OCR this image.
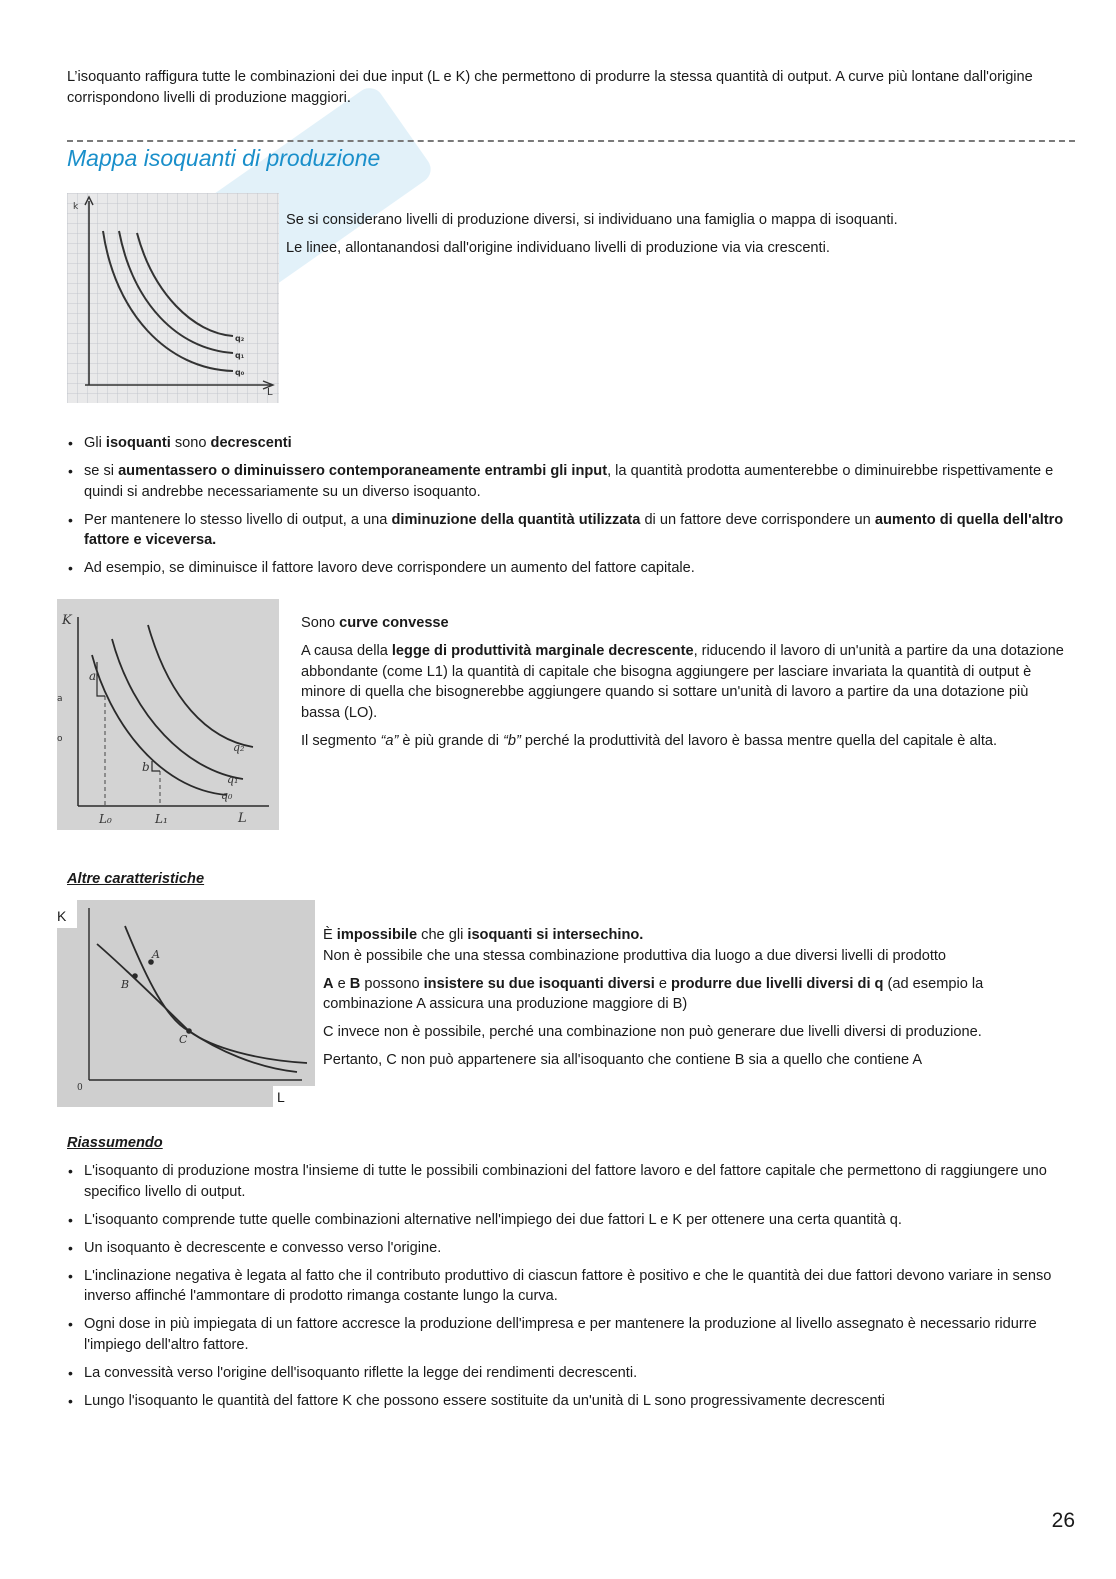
L’isoquanto raffigura tutte le combinazioni dei due input (L e K) che permettono di produrre la stessa quantità di output. A curve più lontane dall'origine corrispondono livelli di produzione maggiori.

Mappa isoquanti di produzione
k
L
q₂
q₁
q₀

Se si considerano livelli di produzione diversi, si individuano una famiglia o mappa di isoquanti.

Le linee, allontanandosi dall'origine individuano livelli di produzione via via crescenti.

• Gli isoquanti sono decrescenti
• se si aumentassero o diminuissero contemporaneamente entrambi gli input, la quantità prodotta aumenterebbe o diminuirebbe rispettivamente e quindi si andrebbe necessariamente su un diverso isoquanto.
• Per mantenere lo stesso livello di output, a una diminuzione della quantità utilizzata di un fattore deve corrispondere un aumento di quella dell'altro fattore e viceversa.
• Ad esempio, se diminuisce il fattore lavoro deve corrispondere un aumento del fattore capitale.
K
L
a
b
L₀	L₁
q₀
q₁
q₂
a
o

Sono curve convesse

A causa della legge di produttività marginale decrescente, riducendo il lavoro di un'unità a partire da una dotazione abbondante (come L1) la quantità di capitale che bisogna aggiungere per lasciare invariata la quantità di output è minore di quella che bisognerebbe aggiungere quando si sottare un'unità di lavoro a partire da una dotazione più bassa (LO).

Il segmento “a” è più grande di “b” perché la produttività del lavoro è bassa mentre quella del capitale è alta.

Altre caratteristiche
K
L
A
B
C
0

È impossibile che gli isoquanti si intersechino.

Non è possibile che una stessa combinazione produttiva dia luogo a due diversi livelli di prodotto

A e B possono insistere su due isoquanti diversi e produrre due livelli diversi di q (ad esempio la combinazione A assicura una produzione maggiore di B)

C invece non è possibile, perché una combinazione non può generare due livelli diversi di produzione.

Pertanto, C non può appartenere sia all'isoquanto che contiene B sia a quello che contiene A

Riassumendo
• L'isoquanto di produzione mostra l'insieme di tutte le possibili combinazioni del fattore lavoro e del fattore capitale che permettono di raggiungere uno specifico livello di output.
• L'isoquanto comprende tutte quelle combinazioni alternative nell'impiego dei due fattori L e K per ottenere una certa quantità q.
• Un isoquanto è decrescente e convesso verso l'origine.
• L'inclinazione negativa è legata al fatto che il contributo produttivo di ciascun fattore è positivo e che le quantità dei due fattori devono variare in senso inverso affinché l'ammontare di prodotto rimanga costante lungo la curva.
• Ogni dose in più impiegata di un fattore accresce la produzione dell'impresa e per mantenere la produzione al livello assegnato è necessario ridurre l'impiego dell'altro fattore.
• La convessità verso l'origine dell'isoquanto riflette la legge dei rendimenti decrescenti.
• Lungo l'isoquanto le quantità del fattore K che possono essere sostituite da un'unità di L sono progressivamente decrescenti
26
